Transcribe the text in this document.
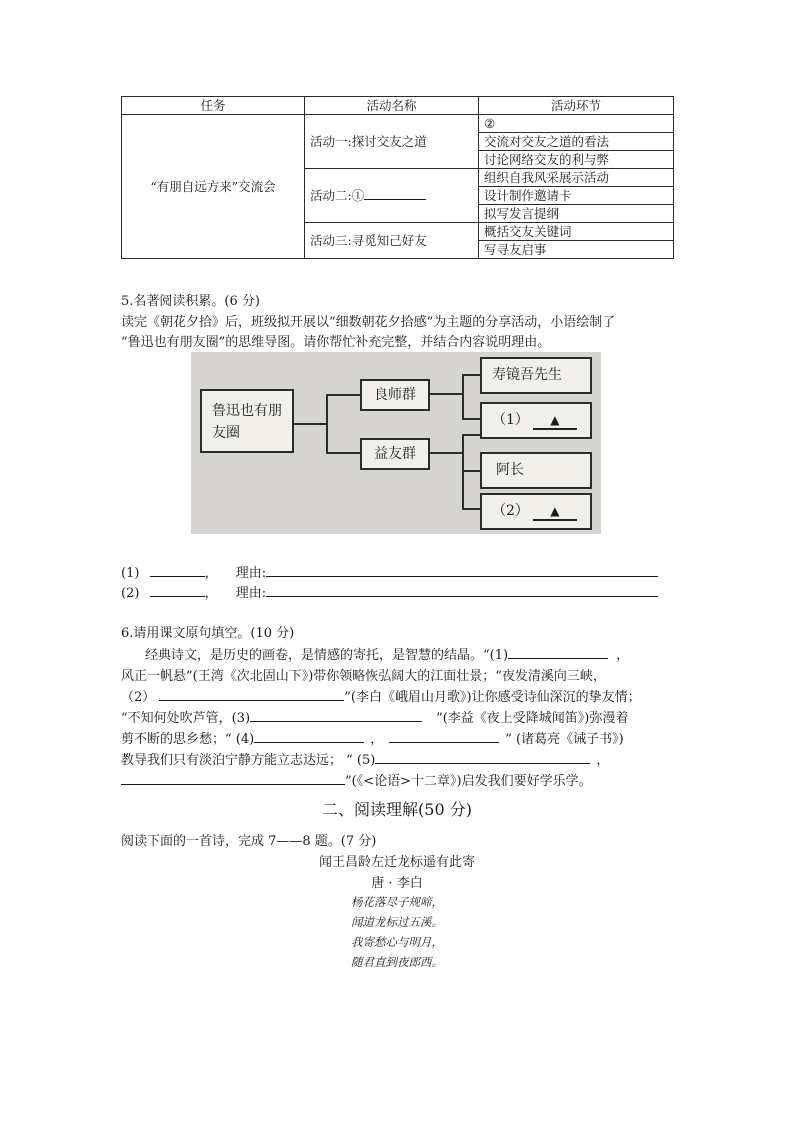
任务	活动名称	活动环节
“有朋自远方来”交流会	活动一:探讨交友之道	②
		交流对交友之道的看法
		讨论网络交友的利与弊
	活动二:①	组织自我风采展示活动
		设计制作邀请卡
		拟写发言提纲
	活动三:寻觅知己好友	概括交友关键词
		写寻友启事
5.名著阅读积累。(6 分)
读完《朝花夕拾》后，班级拟开展以“细数朝花夕拾感”为主题的分享活动，小语绘制了
“鲁迅也有朋友圈”的思维导图。请你帮忙补充完整，并结合内容说明理由。
鲁迅也有朋友圈
良师群
益友群
寿镜吾先生
（1） ▲
阿长
（2） ▲
(1)	， 理由:
(2)	， 理由:
6.请用课文原句填空。(10 分)
经典诗文，是历史的画卷，是情感的寄托，是智慧的结晶。“(1)	，
风正一帆悬”(王湾《次北固山下》)带你领略恢弘阔大的江面壮景；“夜发清溪向三峡，
（2）	”(李白《峨眉山月歌》)让你感受诗仙深沉的挚友情；
“不知何处吹芦管，(3)	”(李益《夜上受降城闻笛》)弥漫着
剪不断的思乡愁；“ (4)	，	” (诸葛亮《诫子书》)
教导我们只有淡泊宁静方能立志达远； “ (5)	，
”(《<论语>十二章》)启发我们要好学乐学。
二、阅读理解(50 分)
阅读下面的一首诗，完成 7——8 题。(7 分)
闻王昌龄左迁龙标遥有此寄
唐 · 李白
杨花落尽子规啼，
闻道龙标过五溪。
我寄愁心与明月，
随君直到夜郎西。
